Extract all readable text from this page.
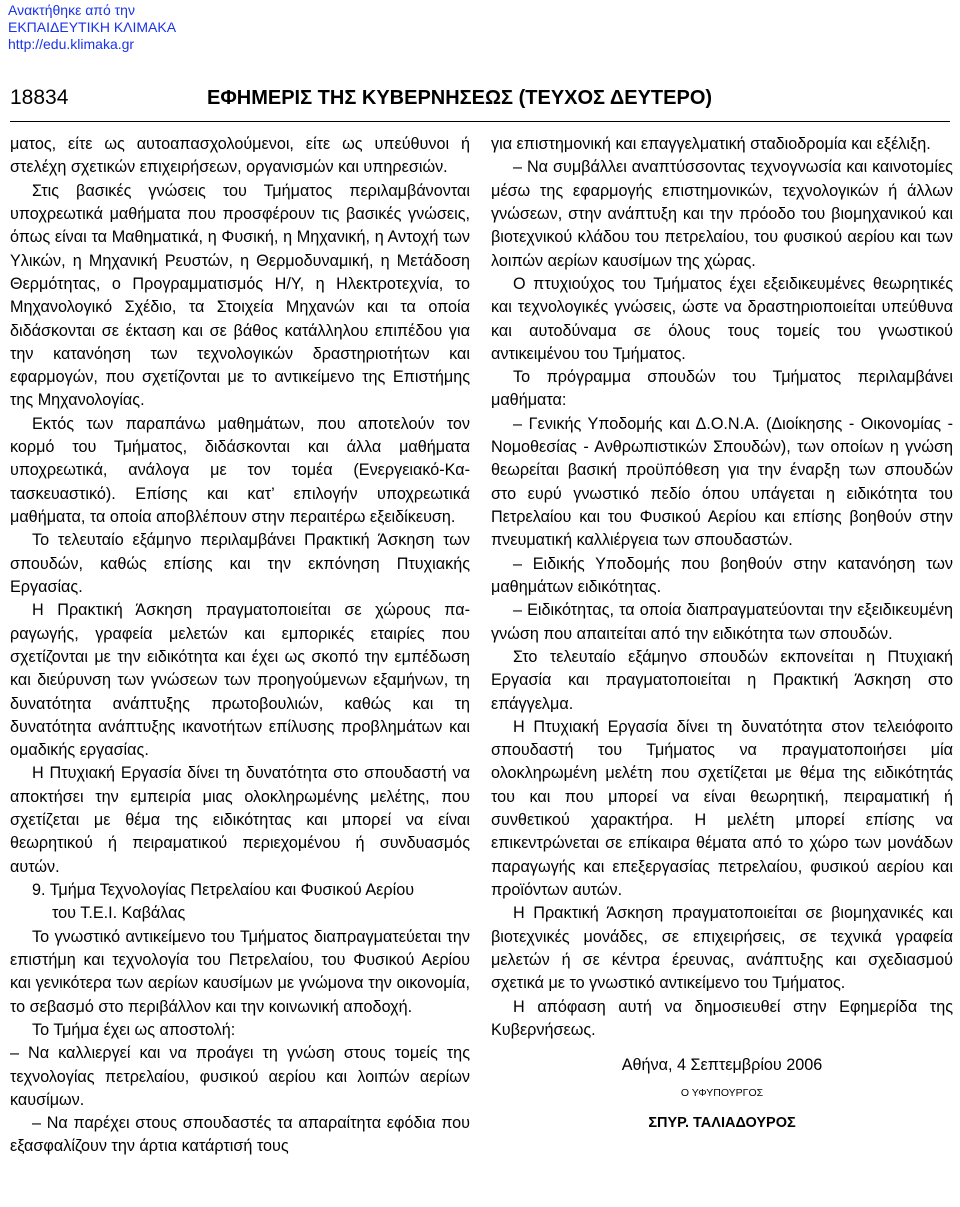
Ανακτήθηκε από την
ΕΚΠΑΙΔΕΥΤΙΚΗ ΚΛΙΜΑΚΑ
http://edu.klimaka.gr
18834	ΕΦΗΜΕΡΙΣ ΤΗΣ ΚΥΒΕΡΝΗΣΕΩΣ (ΤΕΥΧΟΣ ΔΕΥΤΕΡΟ)

ματος, είτε ως αυτοαπασχολούμενοι, είτε ως υπεύθυνοι ή στελέχη σχετικών επιχειρήσεων, οργανισμών και υπηρεσιών.

Στις βασικές γνώσεις του Τμήματος περιλαμβάνονται υποχρεωτικά μαθήματα που προσφέρουν τις βασικές γνώσεις, όπως είναι τα Μαθηματικά, η Φυσική, η Μηχανική, η Αντοχή των Υλικών, η Μηχανική Ρευστών, η Θερμοδυναμική, η Μετάδοση Θερμότητας, ο Προγραμματισμός Η/Υ, η Ηλεκτροτεχνία, το Μηχανολογικό Σχέδιο, τα Στοιχεία Μηχανών και τα οποία διδάσκονται σε έκταση και σε βάθος κατάλληλου επιπέδου για την κατανόηση των τεχνολογικών δραστηριοτήτων και εφαρμογών, που σχετίζονται με το αντικείμενο της Επιστήμης της Μηχανολογίας.

Εκτός των παραπάνω μαθημάτων, που αποτελούν τον κορμό του Τμήματος, διδάσκονται και άλλα μαθήματα υποχρεωτικά, ανάλογα με τον τομέα (Ενεργειακό-Κατασκευαστικό). Επίσης και κατ’ επιλογήν υποχρεωτικά μαθήματα, τα οποία αποβλέπουν στην περαιτέρω εξειδίκευση.

Το τελευταίο εξάμηνο περιλαμβάνει Πρακτική Άσκηση των σπουδών, καθώς επίσης και την εκπόνηση Πτυχιακής Εργασίας.

Η Πρακτική Άσκηση πραγματοποιείται σε χώρους παραγωγής, γραφεία μελετών και εμπορικές εταιρίες που σχετίζονται με την ειδικότητα και έχει ως σκοπό την εμπέδωση και διεύρυνση των γνώσεων των προηγούμενων εξαμήνων, τη δυνατότητα ανάπτυξης πρωτοβουλιών, καθώς και τη δυνατότητα ανάπτυξης ικανοτήτων επίλυσης προβλημάτων και ομαδικής εργασίας.

Η Πτυχιακή Εργασία δίνει τη δυνατότητα στο σπουδαστή να αποκτήσει την εμπειρία μιας ολοκληρωμένης μελέτης, που σχετίζεται με θέμα της ειδικότητας και μπορεί να είναι θεωρητικού ή πειραματικού περιεχομένου ή συνδυασμός αυτών.

9. Τμήμα Τεχνολογίας Πετρελαίου και Φυσικού Αερίου
του Τ.Ε.Ι. Καβάλας

Το γνωστικό αντικείμενο του Τμήματος διαπραγματεύεται την επιστήμη και τεχνολογία του Πετρελαίου, του Φυσικού Αερίου και γενικότερα των αερίων καυσίμων με γνώμονα την οικονομία, το σεβασμό στο περιβάλλον και την κοινωνική αποδοχή.

Το Τμήμα έχει ως αποστολή:

– Να καλλιεργεί και να προάγει τη γνώση στους τομείς της τεχνολογίας πετρελαίου, φυσικού αερίου και λοιπών αερίων καυσίμων.

– Να παρέχει στους σπουδαστές τα απαραίτητα εφόδια που εξασφαλίζουν την άρτια κατάρτισή τους

για επιστημονική και επαγγελματική σταδιοδρομία και εξέλιξη.

– Να συμβάλλει αναπτύσσοντας τεχνογνωσία και καινοτομίες μέσω της εφαρμογής επιστημονικών, τεχνολογικών ή άλλων γνώσεων, στην ανάπτυξη και την πρόοδο του βιομηχανικού και βιοτεχνικού κλάδου του πετρελαίου, του φυσικού αερίου και των λοιπών αερίων καυσίμων της χώρας.

Ο πτυχιούχος του Τμήματος έχει εξειδικευμένες θεωρητικές και τεχνολογικές γνώσεις, ώστε να δραστηριοποιείται υπεύθυνα και αυτοδύναμα σε όλους τους τομείς του γνωστικού αντικειμένου του Τμήματος.

Το πρόγραμμα σπουδών του Τμήματος περιλαμβάνει μαθήματα:

– Γενικής Υποδομής και Δ.Ο.Ν.Α. (Διοίκησης - Οικονομίας - Νομοθεσίας - Ανθρωπιστικών Σπουδών), των οποίων η γνώση θεωρείται βασική προϋπόθεση για την έναρξη των σπουδών στο ευρύ γνωστικό πεδίο όπου υπάγεται η ειδικότητα του Πετρελαίου και του Φυσικού Αερίου και επίσης βοηθούν στην πνευματική καλλιέργεια των σπουδαστών.

– Ειδικής Υποδομής που βοηθούν στην κατανόηση των μαθημάτων ειδικότητας.

– Ειδικότητας, τα οποία διαπραγματεύονται την εξειδικευμένη γνώση που απαιτείται από την ειδικότητα των σπουδών.

Στο τελευταίο εξάμηνο σπουδών εκπονείται η Πτυχιακή Εργασία και πραγματοποιείται η Πρακτική Άσκηση στο επάγγελμα.

Η Πτυχιακή Εργασία δίνει τη δυνατότητα στον τελειόφοιτο σπουδαστή του Τμήματος να πραγματοποιήσει μία ολοκληρωμένη μελέτη που σχετίζεται με θέμα της ειδικότητάς του και που μπορεί να είναι θεωρητική, πειραματική ή συνθετικού χαρακτήρα. Η μελέτη μπορεί επίσης να επικεντρώνεται σε επίκαιρα θέματα από το χώρο των μονάδων παραγωγής και επεξεργασίας πετρελαίου, φυσικού αερίου και προϊόντων αυτών.

Η Πρακτική Άσκηση πραγματοποιείται σε βιομηχανικές και βιοτεχνικές μονάδες, σε επιχειρήσεις, σε τεχνικά γραφεία μελετών ή σε κέντρα έρευνας, ανάπτυξης και σχεδιασμού σχετικά με το γνωστικό αντικείμενο του Τμήματος.

Η απόφαση αυτή να δημοσιευθεί στην Εφημερίδα της Κυβερνήσεως.

Αθήνα, 4 Σεπτεμβρίου 2006

Ο ΥΦΥΠΟΥΡΓΟΣ

ΣΠΥΡ. ΤΑΛΙΑΔΟΥΡΟΣ
